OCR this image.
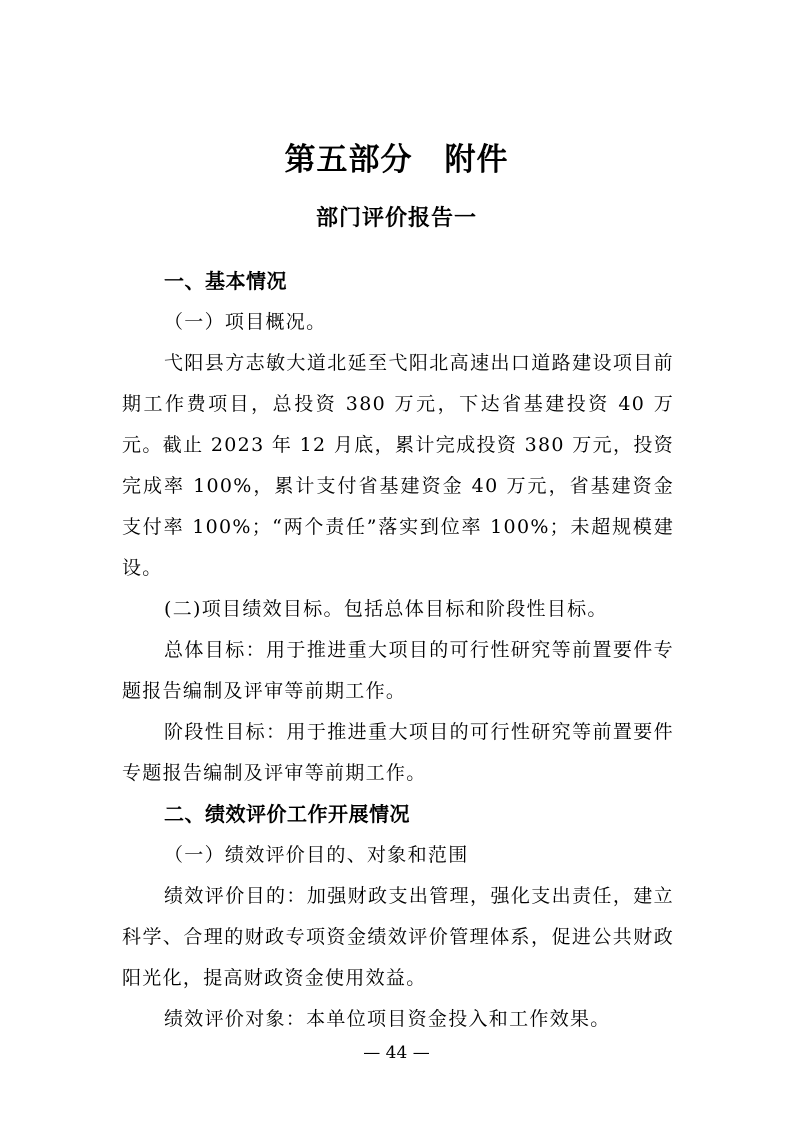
第五部分　附件
部门评价报告一
一、基本情况

（一）项目概况。

弋阳县方志敏大道北延至弋阳北高速出口道路建设项目前期工作费项目，总投资 380 万元，下达省基建投资 40 万元。截止 2023 年 12 月底，累计完成投资 380 万元，投资完成率 100%，累计支付省基建资金 40 万元，省基建资金支付率 100%；“两个责任”落实到位率 100%；未超规模建设。

(二)项目绩效目标。包括总体目标和阶段性目标。

总体目标：用于推进重大项目的可行性研究等前置要件专题报告编制及评审等前期工作。

阶段性目标：用于推进重大项目的可行性研究等前置要件专题报告编制及评审等前期工作。

二、绩效评价工作开展情况

（一）绩效评价目的、对象和范围

绩效评价目的：加强财政支出管理，强化支出责任，建立科学、合理的财政专项资金绩效评价管理体系，促进公共财政阳光化，提高财政资金使用效益。

绩效评价对象：本单位项目资金投入和工作效果。

— 44 —
